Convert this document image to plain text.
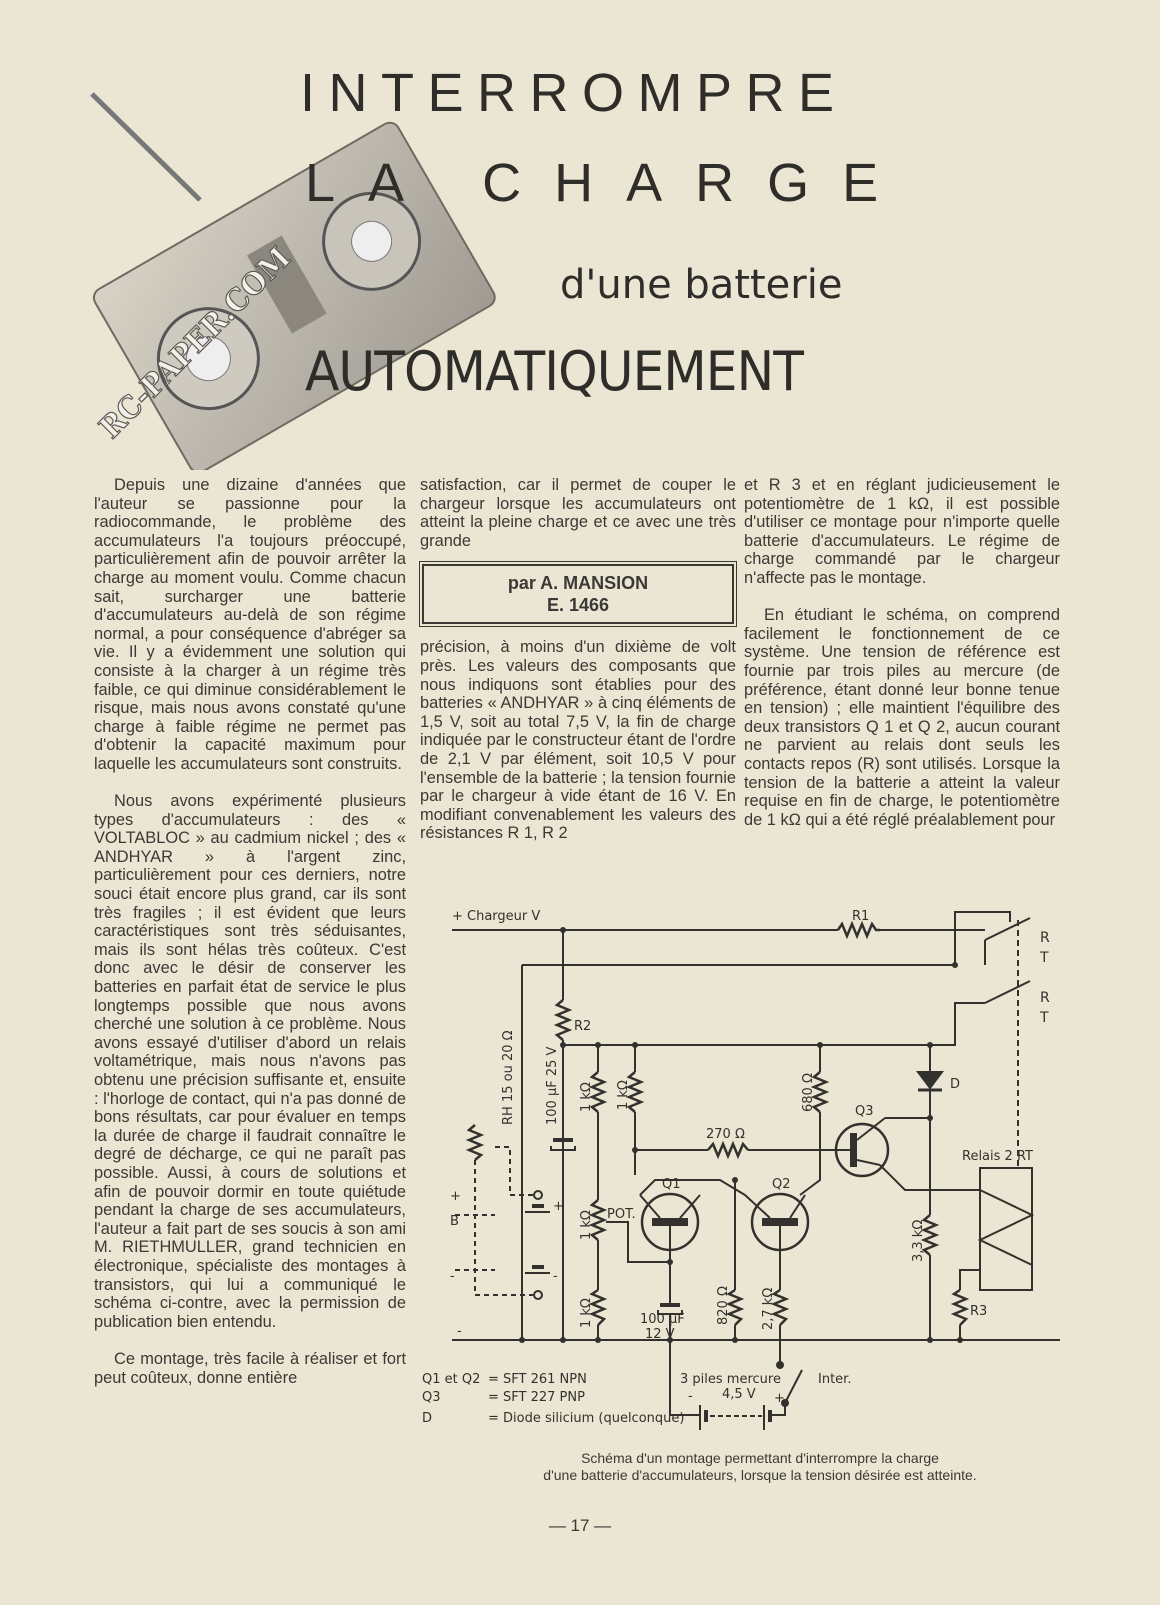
RC-PAPER.COM
INTERROMPRE
LA CHARGE
d'une batterie
AUTOMATIQUEMENT

Depuis une dizaine d'années que l'auteur se passionne pour la radiocommande, le problème des accumulateurs l'a toujours préoccupé, particulièrement afin de pouvoir arrêter la charge au moment voulu. Comme chacun sait, surcharger une batterie d'accumulateurs au-delà de son régime normal, a pour conséquence d'abréger sa vie. Il y a évidemment une solution qui consiste à la charger à un régime très faible, ce qui diminue considérablement le risque, mais nous avons constaté qu'une charge à faible régime ne permet pas d'obtenir la capacité maximum pour laquelle les accumulateurs sont construits.

Nous avons expérimenté plusieurs types d'accumulateurs : des « VOLTABLOC » au cadmium nickel ; des « ANDHYAR » à l'argent zinc, particulièrement pour ces derniers, notre souci était encore plus grand, car ils sont très fragiles ; il est évident que leurs caractéristiques sont très séduisantes, mais ils sont hélas très coûteux. C'est donc avec le désir de conserver les batteries en parfait état de service le plus longtemps possible que nous avons cherché une solution à ce problème. Nous avons essayé d'utiliser d'abord un relais voltamétrique, mais nous n'avons pas obtenu une précision suffisante et, ensuite : l'horloge de contact, qui n'a pas donné de bons résultats, car pour évaluer en temps la durée de charge il faudrait connaître le degré de décharge, ce qui ne paraît pas possible. Aussi, à cours de solutions et afin de pouvoir dormir en toute quiétude pendant la charge de ses accumulateurs, l'auteur a fait part de ses soucis à son ami M. RIETHMULLER, grand technicien en électronique, spécialiste des montages à transistors, qui lui a communiqué le schéma ci-contre, avec la permission de publication bien entendu.

Ce montage, très facile à réaliser et fort peut coûteux, donne entière

satisfaction, car il permet de couper le chargeur lorsque les accumulateurs ont atteint la pleine charge et ce avec une très grande

par A. MANSION
E. 1466

précision, à moins d'un dixième de volt près. Les valeurs des composants que nous indiquons sont établies pour des batteries « ANDHYAR » à cinq éléments de 1,5 V, soit au total 7,5 V, la fin de charge indiquée par le constructeur étant de l'ordre de 2,1 V par élément, soit 10,5 V pour l'ensemble de la batterie ; la tension fournie par le chargeur à vide étant de 16 V. En modifiant convenablement les valeurs des résistances R 1, R 2

et R 3 et en réglant judicieusement le potentiomètre de 1 kΩ, il est possible d'utiliser ce montage pour n'importe quelle batterie d'accumulateurs. Le régime de charge commandé par le chargeur n'affecte pas le montage.

En étudiant le schéma, on comprend facilement le fonctionnement de ce système. Une tension de référence est fournie par trois piles au mercure (de préférence, étant donné leur bonne tenue en tension) ; elle maintient l'équilibre des deux transistors Q 1 et Q 2, aucun courant ne parvient au relais dont seuls les contacts repos (R) sont utilisés. Lorsque la tension de la batterie a atteint la valeur requise en fin de charge, le potentiomètre de 1 kΩ qui a été réglé préalablement pour

R
T
R
T
+ Chargeur V	R1
R2
R3
RH 15 ou 20 Ω 100 µF 25 V 1 kΩ 1 kΩ
1 kΩ POT.
1 kΩ
270 Ω
680 Ω
820 Ω 2,7 kΩ
3,3 kΩ
100 µF
12 V
Q1	Q2
Q3
D
Relais 2 RT
B
+
-
+
-
-
-	+
3 piles mercure
4,5 V
Inter.
Q1 et Q2 = SFT 261 NPN
Q3	= SFT 227 PNP
D	= Diode silicium (quelconque)
Schéma d'un montage permettant d'interrompre la charge
d'une batterie d'accumulateurs, lorsque la tension désirée est atteinte.
— 17 —
